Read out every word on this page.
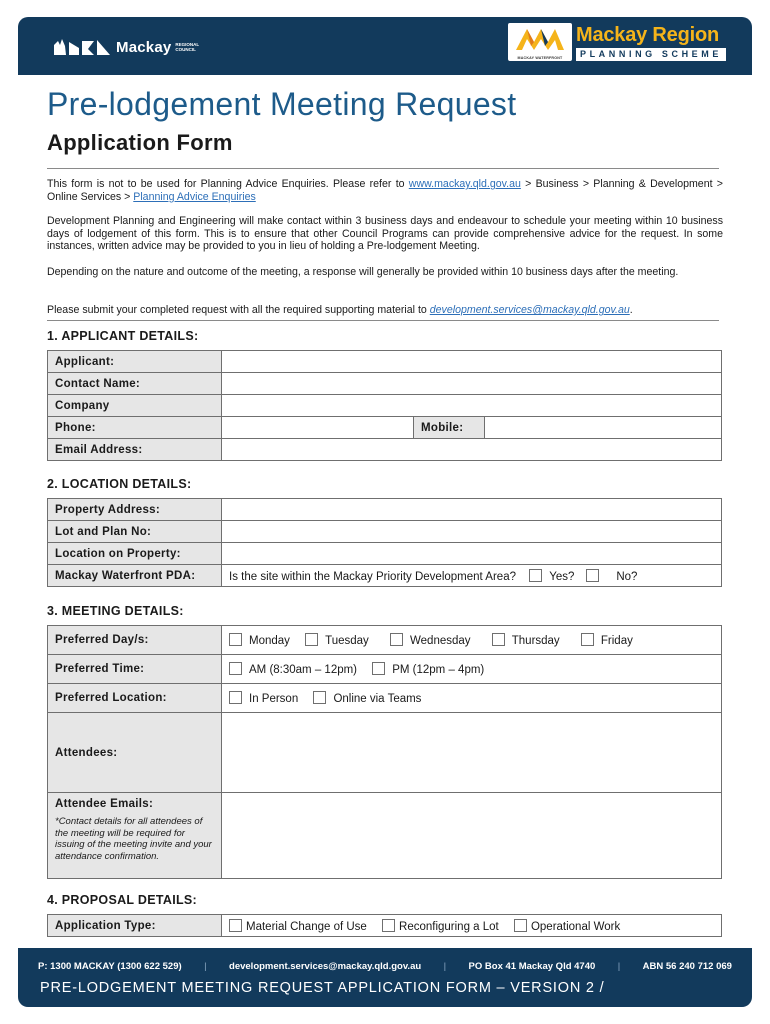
Mackay REGIONAL COUNCIL
MACKAY WATERFRONT
Mackay Region
PLANNING SCHEME
Pre-lodgement Meeting Request
Application Form

This form is not to be used for Planning Advice Enquiries. Please refer to www.mackay.qld.gov.au > Business > Planning & Development > Online Services > Planning Advice Enquiries

Development Planning and Engineering will make contact within 3 business days and endeavour to schedule your meeting within 10 business days of lodgement of this form. This is to ensure that other Council Programs can provide comprehensive advice for the request. In some instances, written advice may be provided to you in lieu of holding a Pre-lodgement Meeting.

Depending on the nature and outcome of the meeting, a response will generally be provided within 10 business days after the meeting.

Please submit your completed request with all the required supporting material to development.services@mackay.qld.gov.au.

1. APPLICANT DETAILS:
Applicant:			
Contact Name:			
Company			
Phone:		Mobile:	
Email Address:			
2. LOCATION DETAILS:
Property Address:	
Lot and Plan No:	
Location on Property:	
Mackay Waterfront PDA:	Is the site within the Mackay Priority Development Area? Yes? No?
3. MEETING DETAILS:
Preferred Day/s:	Monday Tuesday Wednesday Thursday Friday
Preferred Time:	AM (8:30am – 12pm) PM (12pm – 4pm)
Preferred Location:	In Person Online via Teams
Attendees:	

Attendee Emails:
*Contact details for all attendees of the meeting will be required for issuing of the meeting invite and your attendance confirmation.	

4. PROPOSAL DETAILS:
Application Type:	Material Change of Use	Reconfiguring a Lot	Operational Work
P: 1300 MACKAY (1300 622 529) | development.services@mackay.qld.gov.au | PO Box 41 Mackay Qld 4740 | ABN 56 240 712 069
PRE-LODGEMENT MEETING REQUEST APPLICATION FORM – VERSION 2 /
